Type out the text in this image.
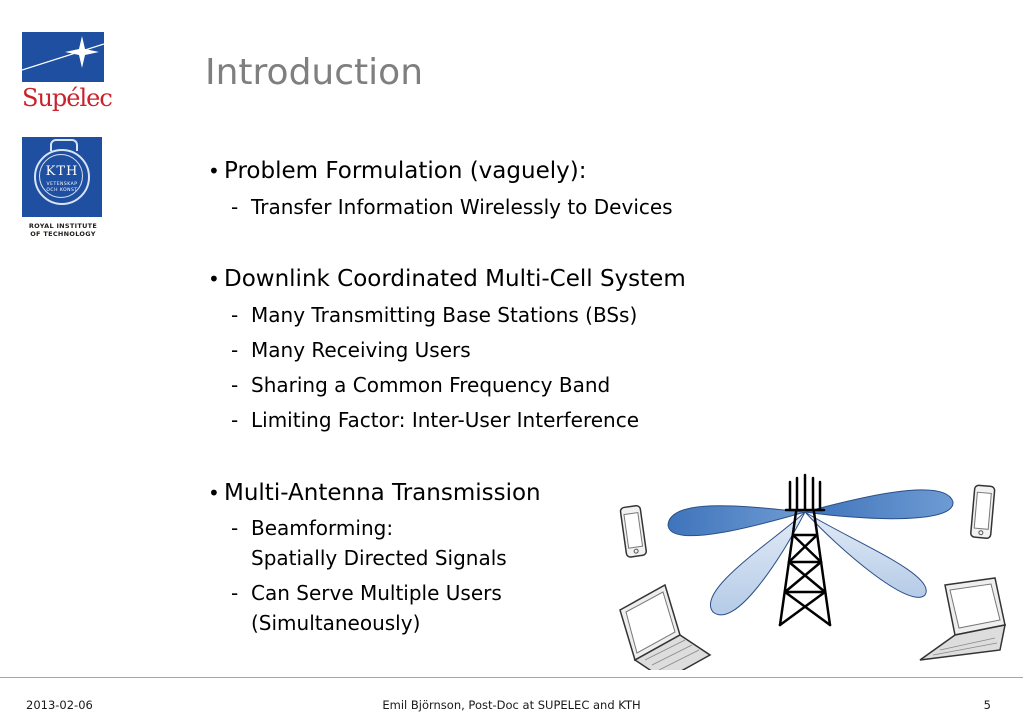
Supélec
KTH
VETENSKAP
OCH KONST
ROYAL INSTITUTE
OF TECHNOLOGY
Introduction
• Problem Formulation (vaguely):
- Transfer Information Wirelessly to Devices
• Downlink Coordinated Multi-Cell System
- Many Transmitting Base Stations (BSs)
- Many Receiving Users
- Sharing a Common Frequency Band
- Limiting Factor: Inter-User Interference
• Multi-Antenna Transmission
- Beamforming:
Spatially Directed Signals
- Can Serve Multiple Users
(Simultaneously)
2013-02-06	Emil Björnson, Post-Doc at SUPELEC and KTH	5
